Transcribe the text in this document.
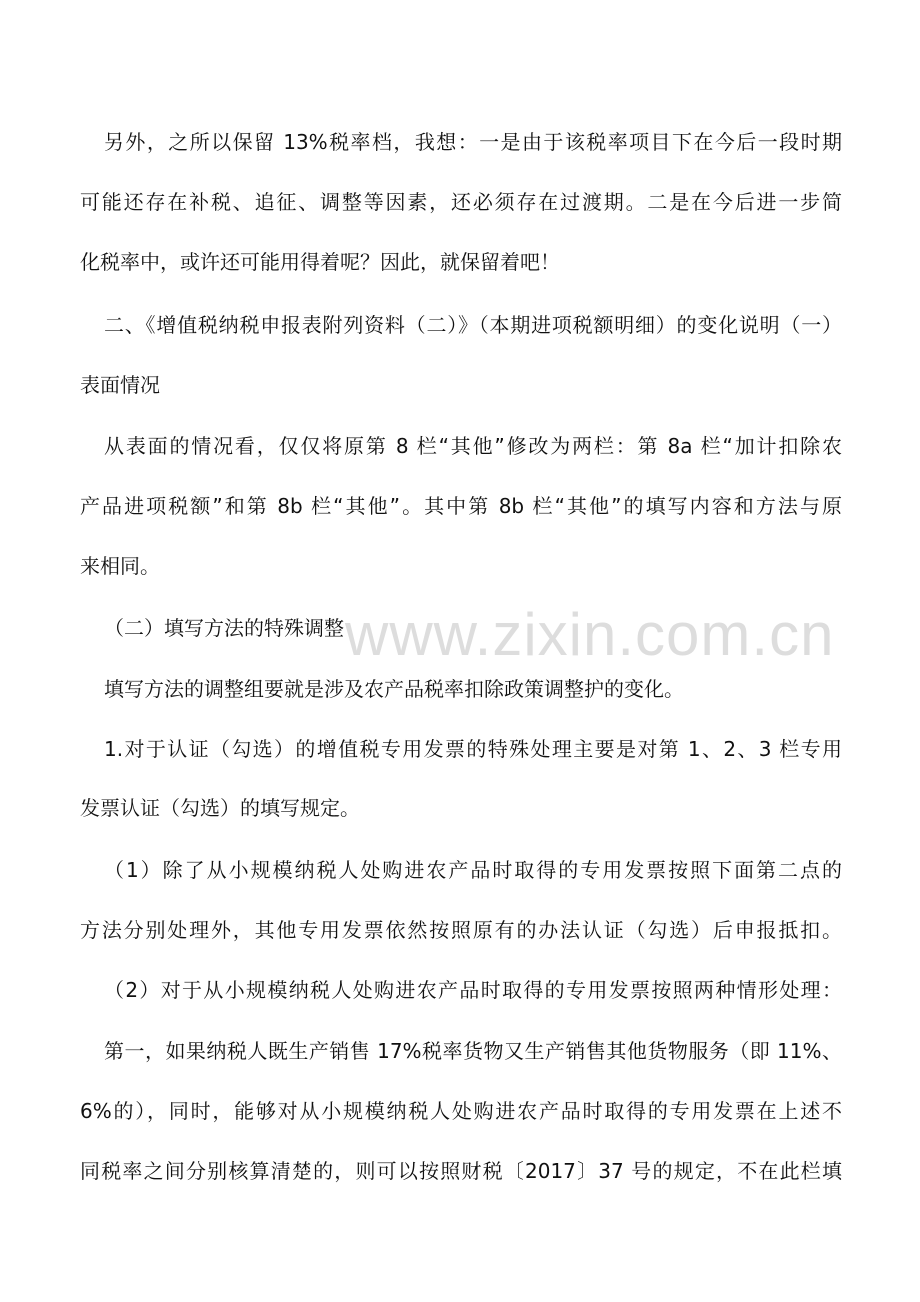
www.zixin.com.cn
另外，之所以保留 13%税率档，我想：一是由于该税率项目下在今后一段时期
可能还存在补税、追征、调整等因素，还必须存在过渡期。二是在今后进一步简
化税率中，或许还可能用得着呢？因此，就保留着吧！
二、《增值税纳税申报表附列资料（二）》（本期进项税额明细）的变化说明（一）
表面情况
从表面的情况看，仅仅将原第 8 栏“其他”修改为两栏：第 8a 栏“加计扣除农
产品进项税额”和第 8b 栏“其他”。其中第 8b 栏“其他”的填写内容和方法与原
来相同。
（二）填写方法的特殊调整
填写方法的调整组要就是涉及农产品税率扣除政策调整护的变化。
1.对于认证（勾选）的增值税专用发票的特殊处理主要是对第 1、2、3 栏专用
发票认证（勾选）的填写规定。
（1）除了从小规模纳税人处购进农产品时取得的专用发票按照下面第二点的
方法分别处理外，其他专用发票依然按照原有的办法认证（勾选）后申报抵扣。
（2）对于从小规模纳税人处购进农产品时取得的专用发票按照两种情形处理：
第一，如果纳税人既生产销售 17%税率货物又生产销售其他货物服务（即 11%、
6%的），同时，能够对从小规模纳税人处购进农产品时取得的专用发票在上述不
同税率之间分别核算清楚的，则可以按照财税〔2017〕37 号的规定，不在此栏填
